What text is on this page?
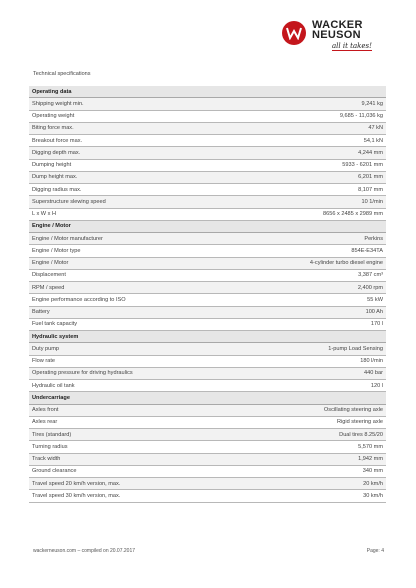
WACKER
NEUSON
all it takes!
Technical specifications
Operating data
Shipping weight min.	9,241 kg
Operating weight	9,685 - 11,036 kg
Biting force max.	47 kN
Breakout force max.	54,1 kN
Digging depth max.	4,244 mm
Dumping height	5933 - 6201 mm
Dump height max.	6,201 mm
Digging radius max.	8,107 mm
Superstructure slewing speed	10 1/min
L x W x H	8656 x 2485 x 2989 mm
Engine / Motor
Engine / Motor manufacturer	Perkins
Engine / Motor type	854E-E34TA
Engine / Motor	4-cylinder turbo diesel engine
Displacement	3,387 cm³
RPM / speed	2,400 rpm
Engine performance according to ISO	55 kW
Battery	100 Ah
Fuel tank capacity	170 l
Hydraulic system
Duty pump	1-pump Load Sensing
Flow rate	180 l/min
Operating pressure for driving hydraulics	440 bar
Hydraulic oil tank	120 l
Undercarriage
Axles front	Oscillating steering axle
Axles rear	Rigid steering axle
Tires (standard)	Dual tires 8.25/20
Turning radius	5,570 mm
Track width	1,942 mm
Ground clearance	340 mm
Travel speed 20 km/h version, max.	20 km/h
Travel speed 30 km/h version, max.	30 km/h
wackerneuson.com – compiled on 20.07.2017	Page: 4
